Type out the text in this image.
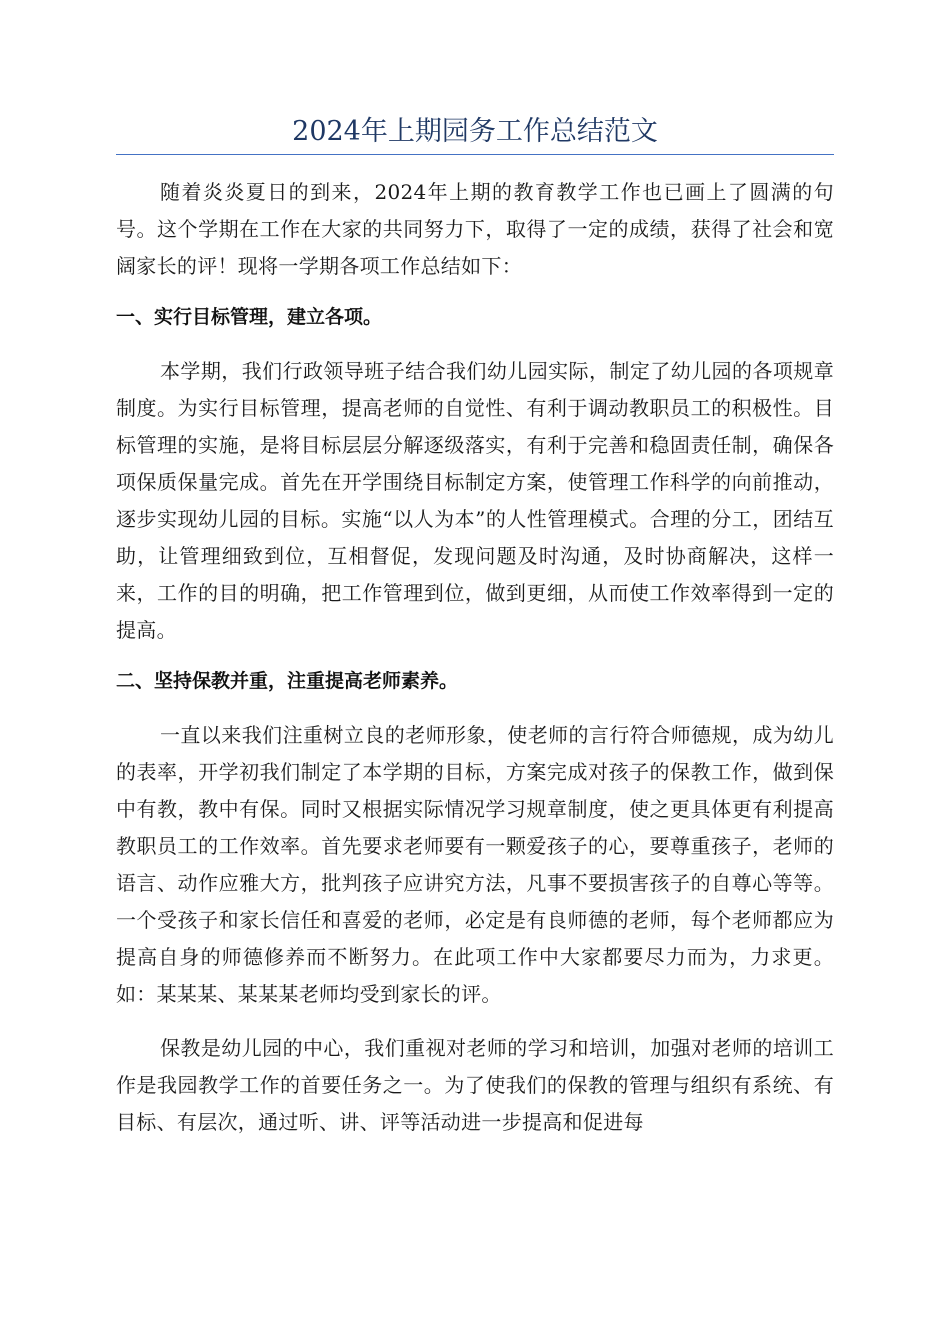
2024年上期园务工作总结范文

随着炎炎夏日的到来，2024年上期的教育教学工作也已画上了圆满的句号。这个学期在工作在大家的共同努力下，取得了一定的成绩，获得了社会和宽阔家长的评！现将一学期各项工作总结如下：

一、实行目标管理，建立各项。

本学期，我们行政领导班子结合我们幼儿园实际，制定了幼儿园的各项规章制度。为实行目标管理，提高老师的自觉性、有利于调动教职员工的积极性。目标管理的实施，是将目标层层分解逐级落实，有利于完善和稳固责任制，确保各项保质保量完成。首先在开学围绕目标制定方案，使管理工作科学的向前推动，逐步实现幼儿园的目标。实施“以人为本”的人性管理模式。合理的分工，团结互助，让管理细致到位，互相督促，发现问题及时沟通，及时协商解决，这样一来，工作的目的明确，把工作管理到位，做到更细，从而使工作效率得到一定的提高。

二、坚持保教并重，注重提高老师素养。

一直以来我们注重树立良的老师形象，使老师的言行符合师德规，成为幼儿的表率，开学初我们制定了本学期的目标，方案完成对孩子的保教工作，做到保中有教，教中有保。同时又根据实际情况学习规章制度，使之更具体更有利提高教职员工的工作效率。首先要求老师要有一颗爱孩子的心，要尊重孩子，老师的语言、动作应雅大方，批判孩子应讲究方法，凡事不要损害孩子的自尊心等等。一个受孩子和家长信任和喜爱的老师，必定是有良师德的老师，每个老师都应为提高自身的师德修养而不断努力。在此项工作中大家都要尽力而为，力求更。如：某某某、某某某老师均受到家长的评。

保教是幼儿园的中心，我们重视对老师的学习和培训，加强对老师的培训工作是我园教学工作的首要任务之一。为了使我们的保教的管理与组织有系统、有目标、有层次，通过听、讲、评等活动进一步提高和促进每
